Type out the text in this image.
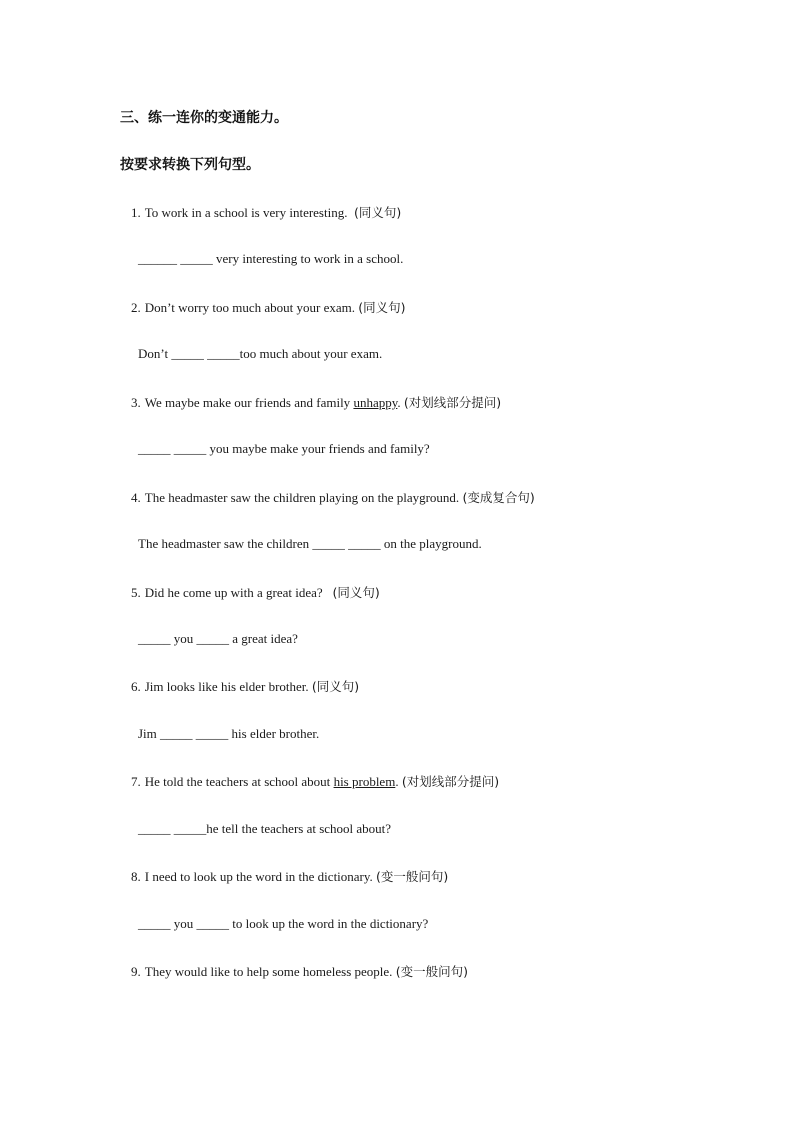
三、练一连你的变通能力。
按要求转换下列句型。
1. To work in a school is very interesting. (同义句)
______ _____ very interesting to work in a school.
2. Don’t worry too much about your exam. (同义句)
Don’t _____ _____too much about your exam.
3. We maybe make our friends and family unhappy. (对划线部分提问)
_____ _____ you maybe make your friends and family?
4. The headmaster saw the children playing on the playground. (变成复合句)
The headmaster saw the children _____ _____ on the playground.
5. Did he come up with a great idea? (同义句)
_____ you _____ a great idea?
6. Jim looks like his elder brother. (同义句)
Jim _____ _____ his elder brother.
7. He told the teachers at school about his problem. (对划线部分提问)
_____ _____he tell the teachers at school about?
8. I need to look up the word in the dictionary. (变一般问句)
_____ you _____ to look up the word in the dictionary?
9. They would like to help some homeless people. (变一般问句)
